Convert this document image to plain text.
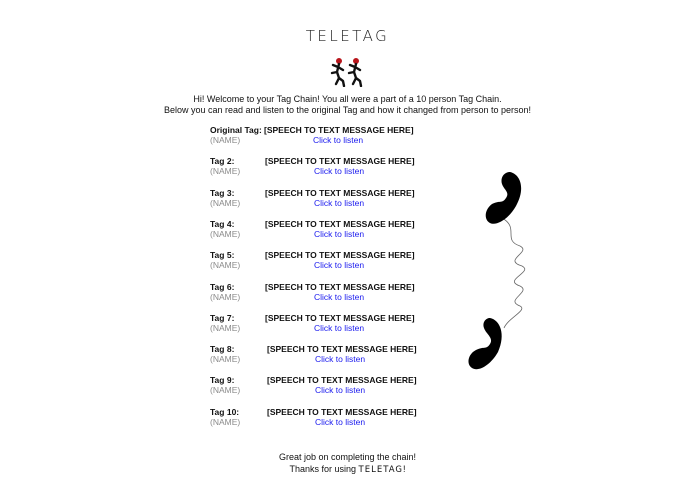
TELETAG
Hi! Welcome to your Tag Chain! You all were a part of a 10 person Tag Chain.
Below you can read and listen to the original Tag and how it changed from person to person!
Original Tag:
(NAME)
[SPEECH TO TEXT MESSAGE HERE]
Click to listen
Tag 2:
(NAME)
[SPEECH TO TEXT MESSAGE HERE]
Click to listen
Tag 3:
(NAME)
[SPEECH TO TEXT MESSAGE HERE]
Click to listen
Tag 4:
(NAME)
[SPEECH TO TEXT MESSAGE HERE]
Click to listen
Tag 5:
(NAME)
[SPEECH TO TEXT MESSAGE HERE]
Click to listen
Tag 6:
(NAME)
[SPEECH TO TEXT MESSAGE HERE]
Click to listen
Tag 7:
(NAME)
[SPEECH TO TEXT MESSAGE HERE]
Click to listen
Tag 8:
(NAME)
[SPEECH TO TEXT MESSAGE HERE]
Click to listen
Tag 9:
(NAME)
[SPEECH TO TEXT MESSAGE HERE]
Click to listen
Tag 10:
(NAME)
[SPEECH TO TEXT MESSAGE HERE]
Click to listen
Great job on completing the chain!
Thanks for using TELETAG!
